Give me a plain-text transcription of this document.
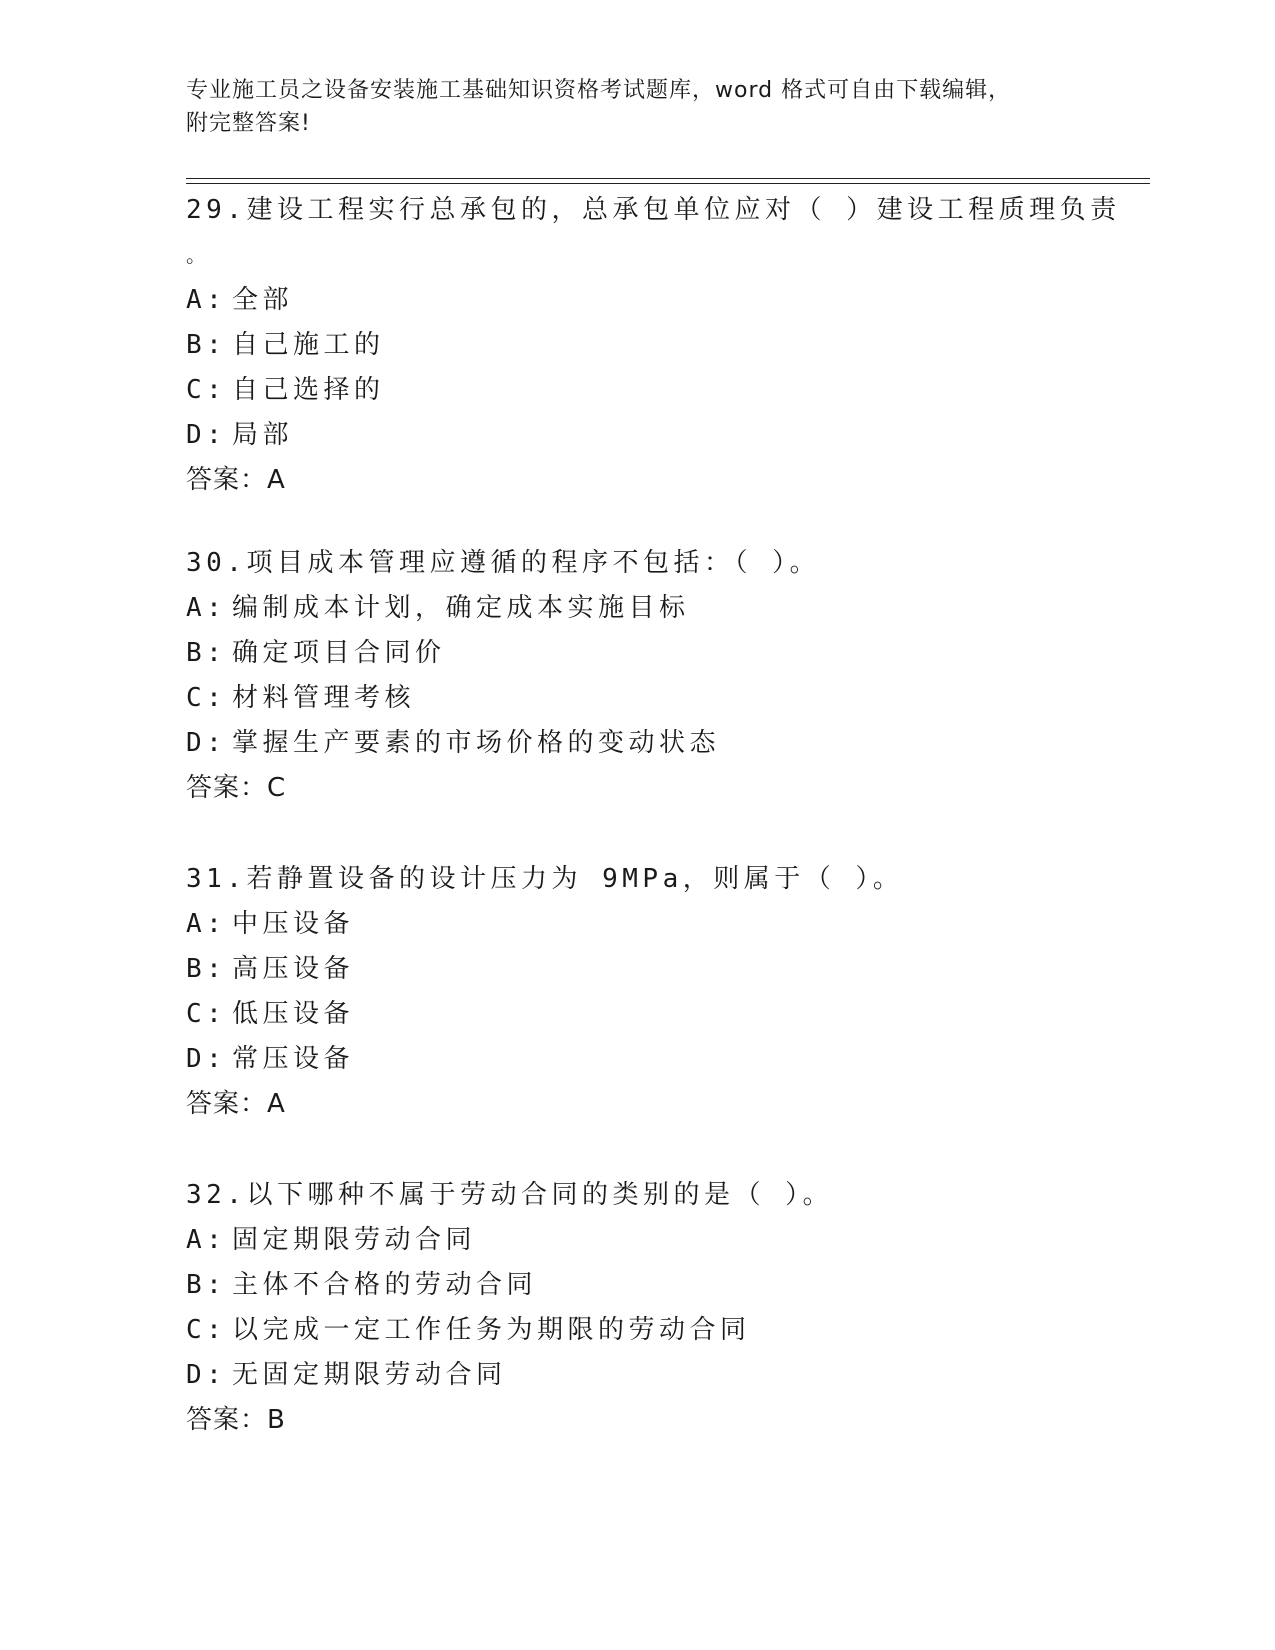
专业施工员之设备安装施工基础知识资格考试题库，word 格式可自由下载编辑，
附完整答案!
29.建设工程实行总承包的，总承包单位应对（ ）建设工程质理负责
。
A: 全部
B: 自己施工的
C: 自己选择的
D: 局部
答案：A
30.项目成本管理应遵循的程序不包括：（ ）。
A: 编制成本计划，确定成本实施目标
B: 确定项目合同价
C: 材料管理考核
D: 掌握生产要素的市场价格的变动状态
答案：C
31.若静置设备的设计压力为 9MPa，则属于（ ）。
A: 中压设备
B: 高压设备
C: 低压设备
D: 常压设备
答案：A
32.以下哪种不属于劳动合同的类别的是（ ）。
A: 固定期限劳动合同
B: 主体不合格的劳动合同
C: 以完成一定工作任务为期限的劳动合同
D: 无固定期限劳动合同
答案：B
